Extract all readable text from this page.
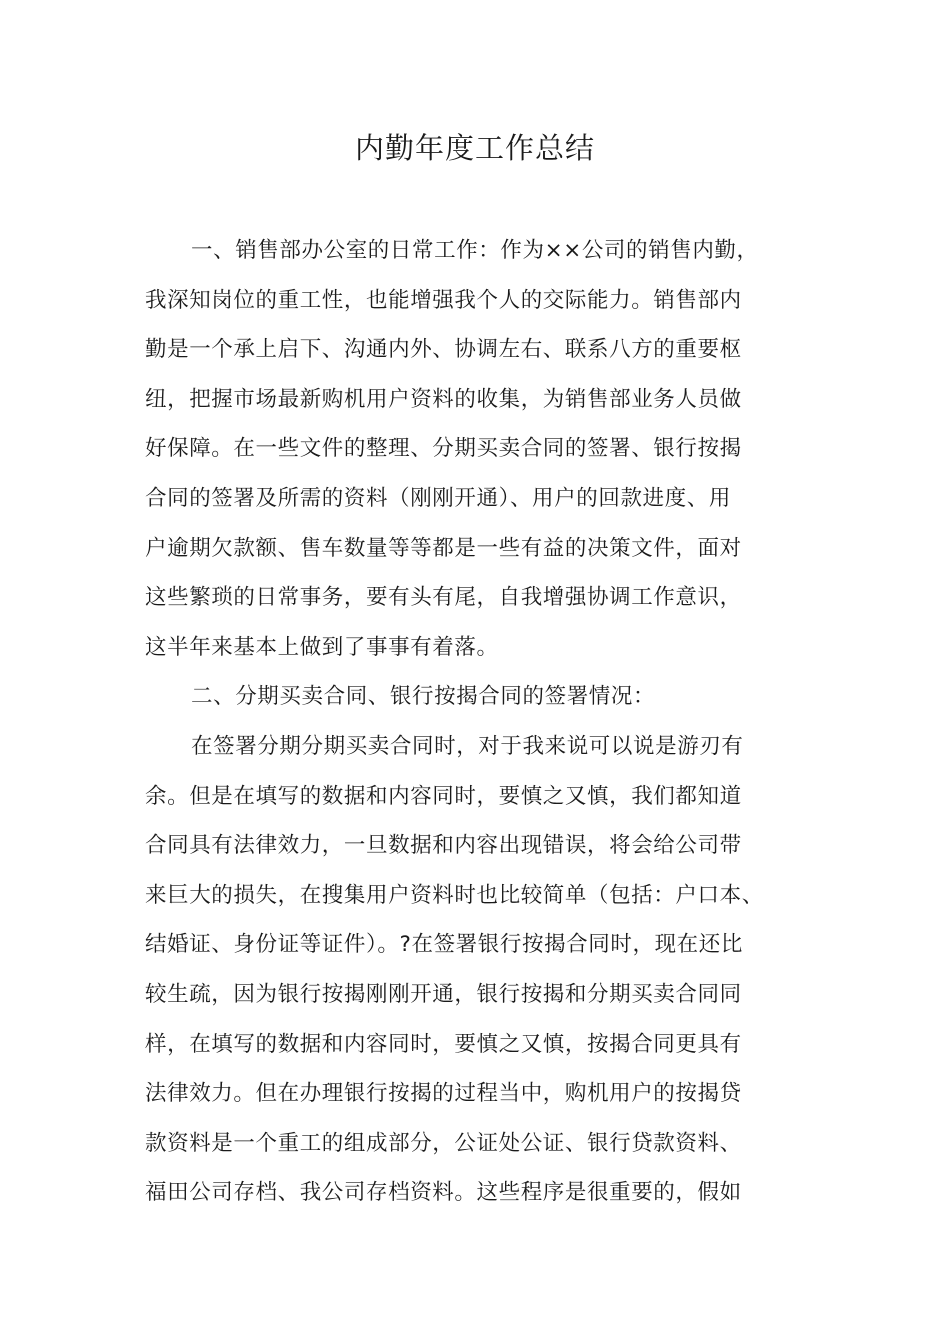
内勤年度工作总结
一、销售部办公室的日常工作：作为××公司的销售内勤，
我深知岗位的重工性，也能增强我个人的交际能力。销售部内
勤是一个承上启下、沟通内外、协调左右、联系八方的重要枢
纽，把握市场最新购机用户资料的收集，为销售部业务人员做
好保障。在一些文件的整理、分期买卖合同的签署、银行按揭
合同的签署及所需的资料（刚刚开通）、用户的回款进度、用
户逾期欠款额、售车数量等等都是一些有益的决策文件，面对
这些繁琐的日常事务，要有头有尾，自我增强协调工作意识，
这半年来基本上做到了事事有着落。
二、分期买卖合同、银行按揭合同的签署情况：
在签署分期分期买卖合同时，对于我来说可以说是游刃有
余。但是在填写的数据和内容同时，要慎之又慎，我们都知道
合同具有法律效力，一旦数据和内容出现错误，将会给公司带
来巨大的损失，在搜集用户资料时也比较简单（包括：户口本、
结婚证、身份证等证件）。?在签署银行按揭合同时，现在还比
较生疏，因为银行按揭刚刚开通，银行按揭和分期买卖合同同
样，在填写的数据和内容同时，要慎之又慎，按揭合同更具有
法律效力。但在办理银行按揭的过程当中，购机用户的按揭贷
款资料是一个重工的组成部分，公证处公证、银行贷款资料、
福田公司存档、我公司存档资料。这些程序是很重要的，假如
